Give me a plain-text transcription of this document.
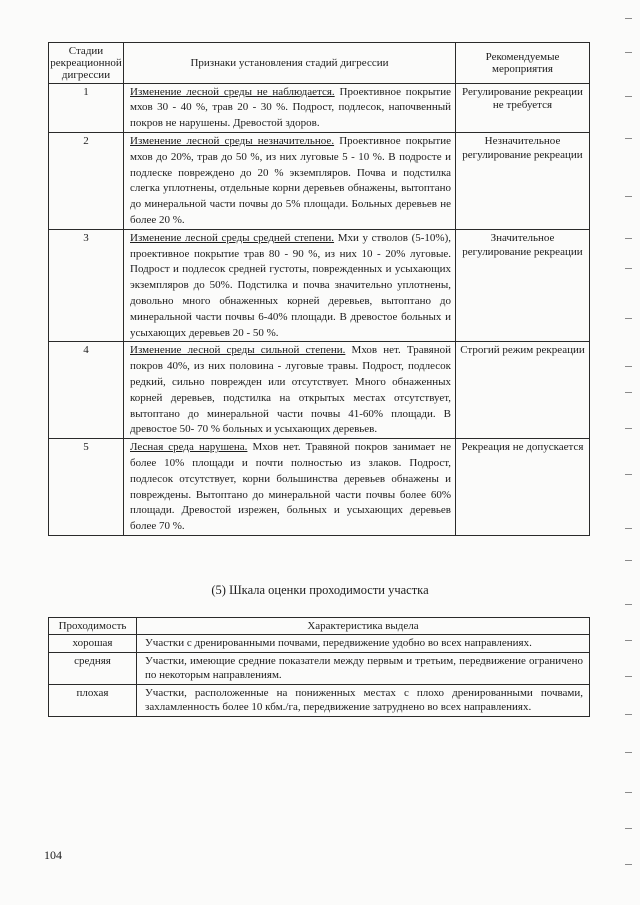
Стадии рекреационной дигрессии	Признаки установления стадий дигрессии	Рекомендуемые мероприятия
1	Изменение лесной среды не наблюдается. Проективное покрытие мхов 30 - 40 %, трав 20 - 30 %. Подрост, подлесок, напочвенный покров не нарушены. Древостой здоров.	Регулирование рекреации не требуется
2	Изменение лесной среды незначительное. Проективное покрытие мхов до 20%, трав до 50 %, из них луговые 5 - 10 %. В подросте и подлеске повреждено до 20 % экземпляров. Почва и подстилка слегка уплотнены, отдельные корни деревьев обнажены, вытоптано до минеральной части почвы до 5% площади. Больных деревьев не более 20 %.	Незначительное регулирование рекреации
3	Изменение лесной среды средней степени. Мхи у стволов (5-10%), проективное покрытие трав 80 - 90 %, из них 10 - 20% луговые. Подрост и подлесок средней густоты, поврежденных и усыхающих экземпляров до 50%. Подстилка и почва значительно уплотнены, довольно много обнаженных корней деревьев, вытоптано до минеральной части почвы 6-40% площади. В древостое больных и усыхающих деревьев 20 - 50 %.	Значительное регулирование рекреации
4	Изменение лесной среды сильной степени. Мхов нет. Травяной покров 40%, из них половина - луговые травы. Подрост, подлесок редкий, сильно поврежден или отсутствует. Много обнаженных корней деревьев, подстилка на открытых местах отсутствует, вытоптано до минеральной части почвы 41-60% площади. В древостое 50- 70 % больных и усыхающих деревьев.	Строгий режим рекреации
5	Лесная среда нарушена. Мхов нет. Травяной покров занимает не более 10% площади и почти полностью из злаков. Подрост, подлесок отсутствует, корни большинства деревьев обнажены и повреждены. Вытоптано до минеральной части почвы более 60% площади. Древостой изрежен, больных и усыхающих деревьев более 70 %.	Рекреация не допускается
(5) Шкала оценки проходимости участка
Проходимость	Характеристика выдела
хорошая	Участки с дренированными почвами, передвижение удобно во всех направлениях.
средняя	Участки, имеющие средние показатели между первым и третьим, передвижение ограничено по некоторым направлениям.
плохая	Участки, расположенные на пониженных местах с плохо дренированными почвами, захламленность более 10 кбм./га, передвижение затруднено во всех направлениях.
104
